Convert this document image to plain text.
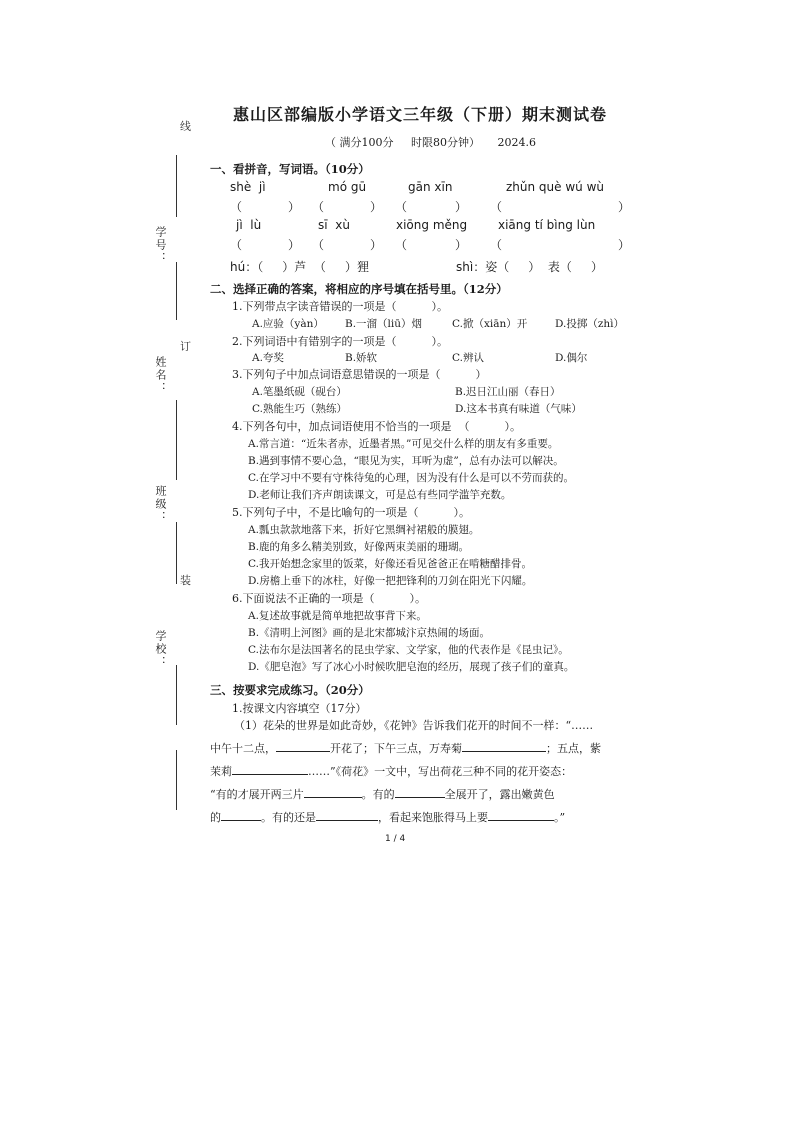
线
学号：
订
姓名：
班级：
装
学校：
惠山区部编版小学语文三年级（下册）期末测试卷
（ 满分100分     时限80分钟）     2024.6
一、看拼音，写词语。（10分）
shè  jì	mó gū	gān xīn	zhǔn què wú wù
（	） （	） （	） （	）
jì  lù	sī  xù	xiōng měng	xiāng tí bìng lùn
（	） （	） （	） （	）
hú：（     ）芦  （     ）狸	shì：姿（     ）  表（     ）
二、选择正确的答案，将相应的序号填在括号里。（12分）
1.下列带点字读音错误的一项是（          ）。
A.应验（yàn） B.一溜（liū）烟	C.掀（xiān）开	D.投掷（zhì）
2.下列词语中有错别字的一项是（          ）。
A.夸奖	B.娇软	C.辨认	D.偶尔
3.下列句子中加点词语意思错误的一项是（          ）
A.笔墨纸砚（砚台）	B.迟日江山丽（春日）
C.熟能生巧（熟练）	D.这本书真有味道（气味）
4.下列各句中，加点词语使用不恰当的一项是  （          ）。
A.常言道：“近朱者赤，近墨者黑。”可见交什么样的朋友有多重要。
B.遇到事情不要心急，“眼见为实，耳听为虚”，总有办法可以解决。
C.在学习中不要有守株待兔的心理，因为没有什么是可以不劳而获的。
D.老师让我们齐声朗读课文，可是总有些同学滥竽充数。
5.下列句子中，不是比喻句的一项是（          ）。
A.瓢虫款款地落下来，折好它黑绸衬裙般的膜翅。
B.鹿的角多么精美别致，好像两束美丽的珊瑚。
C.我开始想念家里的饭菜，好像还看见爸爸正在啃糖醋排骨。
D.房檐上垂下的冰柱，好像一把把锋利的刀剑在阳光下闪耀。
6.下面说法不正确的一项是（          ）。
A.复述故事就是简单地把故事背下来。
B.《清明上河图》画的是北宋都城汴京热闹的场面。
C.法布尔是法国著名的昆虫学家、文学家，他的代表作是《昆虫记》。
D.《肥皂泡》写了冰心小时候吹肥皂泡的经历，展现了孩子们的童真。
三、按要求完成练习。（20分）
1.按课文内容填空（17分）
（1）花朵的世界是如此奇妙，《花钟》告诉我们花开的时间不一样：“……
中午十二点，	开花了；下午三点，万寿菊	；五点，紫
茉莉	……”《荷花》一文中，写出荷花三种不同的花开姿态：
“有的才展开两三片	。有的	全展开了，露出嫩黄色
的	。有的还是	，看起来饱胀得马上要	。”
1 / 4
